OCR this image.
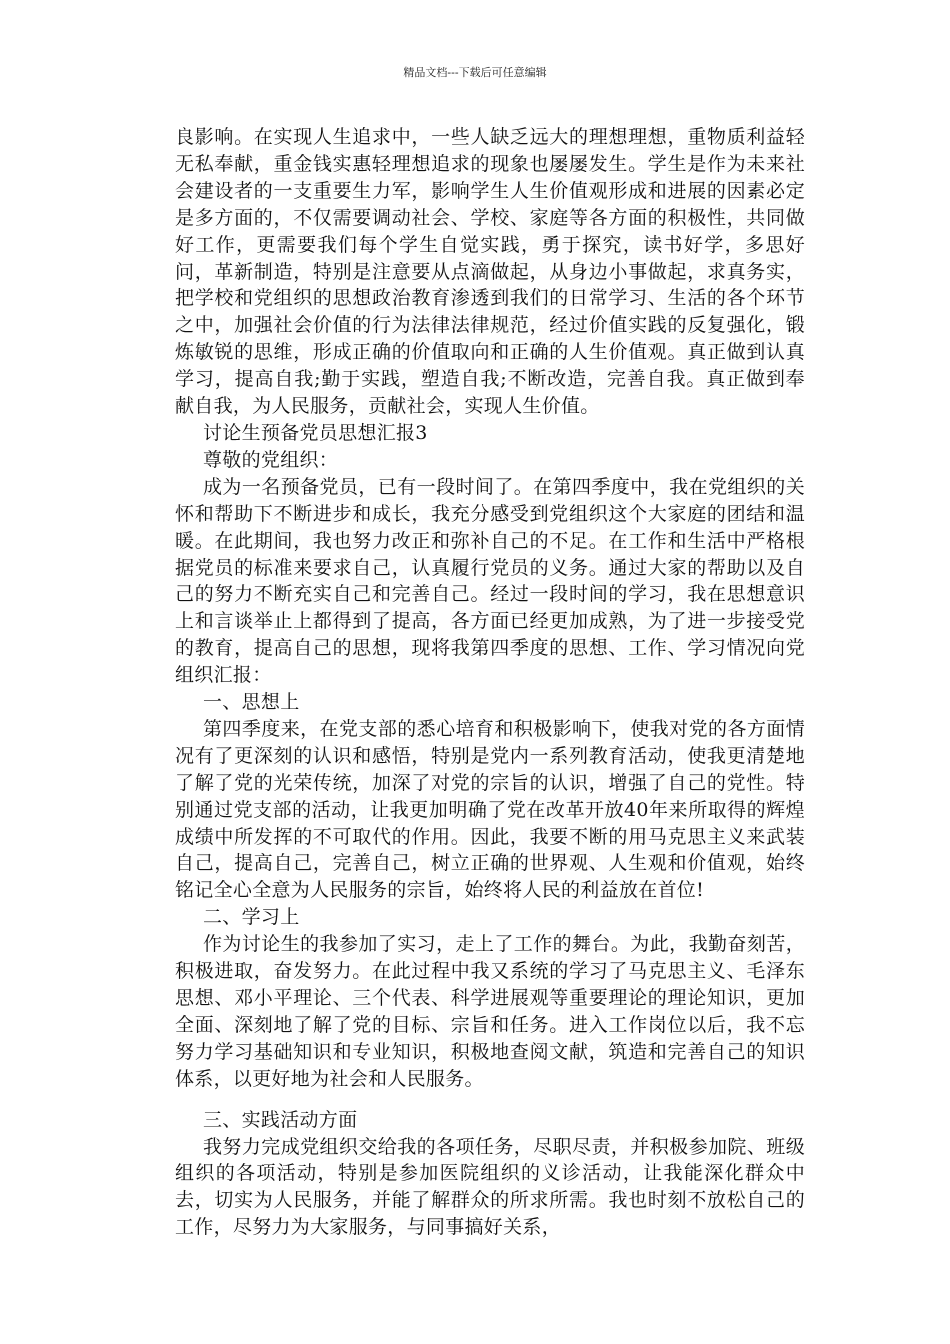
精品文档---下载后可任意编辑

良影响。在实现人生追求中，一些人缺乏远大的理想理想，重物质利益轻无私奉献，重金钱实惠轻理想追求的现象也屡屡发生。学生是作为未来社会建设者的一支重要生力军，影响学生人生价值观形成和进展的因素必定是多方面的，不仅需要调动社会、学校、家庭等各方面的积极性，共同做好工作，更需要我们每个学生自觉实践，勇于探究，读书好学，多思好问，革新制造，特别是注意要从点滴做起，从身边小事做起，求真务实，把学校和党组织的思想政治教育渗透到我们的日常学习、生活的各个环节之中，加强社会价值的行为法律法律规范，经过价值实践的反复强化，锻炼敏锐的思维，形成正确的价值取向和正确的人生价值观。真正做到认真学习，提高自我;勤于实践，塑造自我;不断改造，完善自我。真正做到奉献自我，为人民服务，贡献社会，实现人生价值。

讨论生预备党员思想汇报3

尊敬的党组织：

成为一名预备党员，已有一段时间了。在第四季度中，我在党组织的关怀和帮助下不断进步和成长，我充分感受到党组织这个大家庭的团结和温暖。在此期间，我也努力改正和弥补自己的不足。在工作和生活中严格根据党员的标准来要求自己，认真履行党员的义务。通过大家的帮助以及自己的努力不断充实自己和完善自己。经过一段时间的学习，我在思想意识上和言谈举止上都得到了提高，各方面已经更加成熟，为了进一步接受党的教育，提高自己的思想，现将我第四季度的思想、工作、学习情况向党组织汇报：

一、思想上

第四季度来，在党支部的悉心培育和积极影响下，使我对党的各方面情况有了更深刻的认识和感悟，特别是党内一系列教育活动，使我更清楚地了解了党的光荣传统，加深了对党的宗旨的认识，增强了自己的党性。特别通过党支部的活动，让我更加明确了党在改革开放40年来所取得的辉煌成绩中所发挥的不可取代的作用。因此，我要不断的用马克思主义来武装自己，提高自己，完善自己，树立正确的世界观、人生观和价值观，始终铭记全心全意为人民服务的宗旨，始终将人民的利益放在首位!

二、学习上

作为讨论生的我参加了实习，走上了工作的舞台。为此，我勤奋刻苦，积极进取，奋发努力。在此过程中我又系统的学习了马克思主义、毛泽东思想、邓小平理论、三个代表、科学进展观等重要理论的理论知识，更加全面、深刻地了解了党的目标、宗旨和任务。进入工作岗位以后，我不忘努力学习基础知识和专业知识，积极地查阅文献，筑造和完善自己的知识体系，以更好地为社会和人民服务。

三、实践活动方面

我努力完成党组织交给我的各项任务，尽职尽责，并积极参加院、班级组织的各项活动，特别是参加医院组织的义诊活动，让我能深化群众中去，切实为人民服务，并能了解群众的所求所需。我也时刻不放松自己的工作，尽努力为大家服务，与同事搞好关系，
